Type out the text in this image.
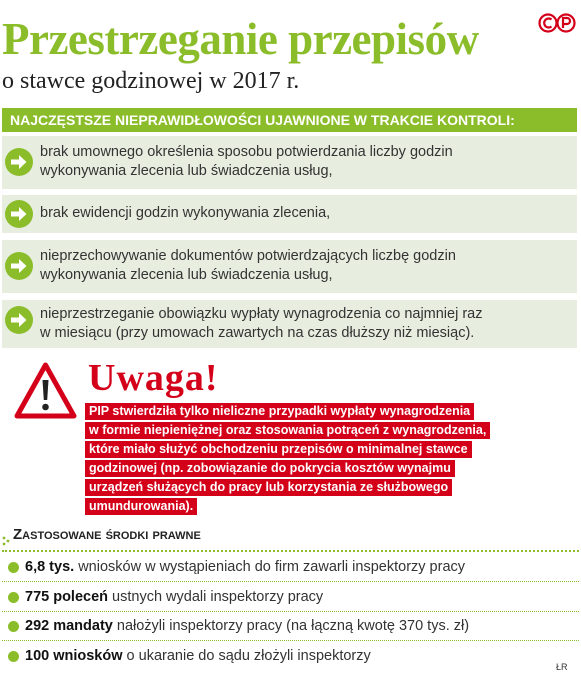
Przestrzeganie przepisów
o stawce godzinowej w 2017 r.
NAJCZĘSTSZE NIEPRAWIDŁOWOŚCI UJAWNIONE W TRAKCIE KONTROLI:
brak umownego określenia sposobu potwierdzania liczby godzin
wykonywania zlecenia lub świadczenia usług,
brak ewidencji godzin wykonywania zlecenia,
nieprzechowywanie dokumentów potwierdzających liczbę godzin
wykonywania zlecenia lub świadczenia usług,
nieprzestrzeganie obowiązku wypłaty wynagrodzenia co najmniej raz
w miesiącu (przy umowach zawartych na czas dłuższy niż miesiąc).
Uwaga!
PIP stwierdziła tylko nieliczne przypadki wypłaty wynagrodzenia
w formie niepieniężnej oraz stosowania potrąceń z wynagrodzenia,
które miało służyć obchodzeniu przepisów o minimalnej stawce
godzinowej (np. zobowiązanie do pokrycia kosztów wynajmu
urządzeń służących do pracy lub korzystania ze służbowego
umundurowania).
Zastosowane środki prawne
6,8 tys. wniosków w wystąpieniach do firm zawarli inspektorzy pracy
775 poleceń ustnych wydali inspektorzy pracy
292 mandaty nałożyli inspektorzy pracy (na łączną kwotę 370 tys. zł)
100 wniosków o ukaranie do sądu złożyli inspektorzy
ŁR
